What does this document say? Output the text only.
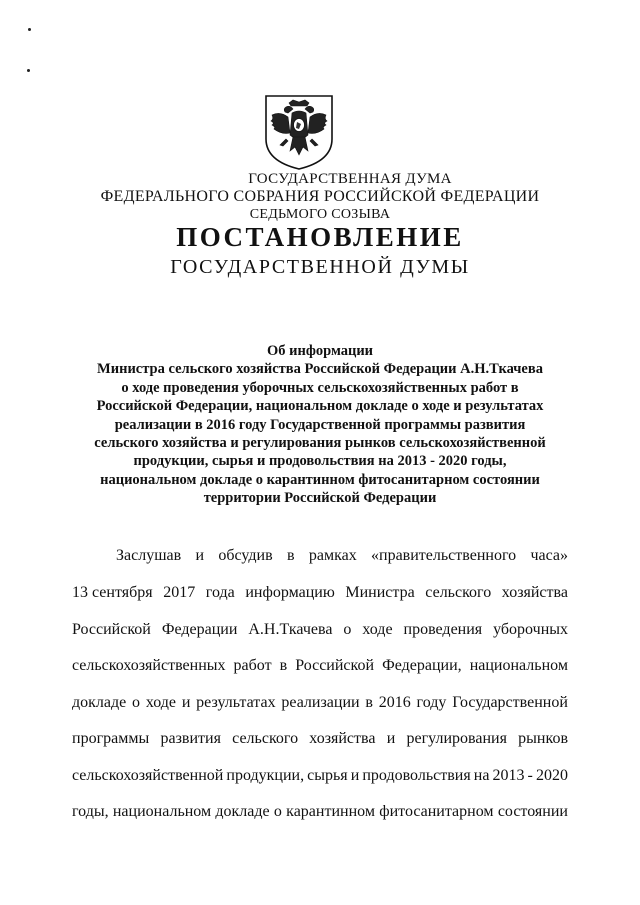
ГОСУДАРСТВЕННАЯ ДУМА
ФЕДЕРАЛЬНОГО СОБРАНИЯ РОССИЙСКОЙ ФЕДЕРАЦИИ
СЕДЬМОГО СОЗЫВА
ПОСТАНОВЛЕНИЕ
ГОСУДАРСТВЕННОЙ ДУМЫ
Об информации
Министра сельского хозяйства Российской Федерации А.Н.Ткачева
о ходе проведения уборочных сельскохозяйственных работ в
Российской Федерации, национальном докладе о ходе и результатах
реализации в 2016 году Государственной программы развития
сельского хозяйства и регулирования рынков сельскохозяйственной
продукции, сырья и продовольствия на 2013 - 2020 годы,
национальном докладе о карантинном фитосанитарном состоянии
территории Российской Федерации
Заслушав и обсудив в рамках «правительственного часа»
13 сентября 2017 года информацию Министра сельского хозяйства
Российской Федерации А.Н.Ткачева о ходе проведения уборочных
сельскохозяйственных работ в Российской Федерации, национальном
докладе о ходе и результатах реализации в 2016 году Государственной
программы развития сельского хозяйства и регулирования рынков
сельскохозяйственной продукции, сырья и продовольствия на 2013 - 2020
годы, национальном докладе о карантинном фитосанитарном состоянии
